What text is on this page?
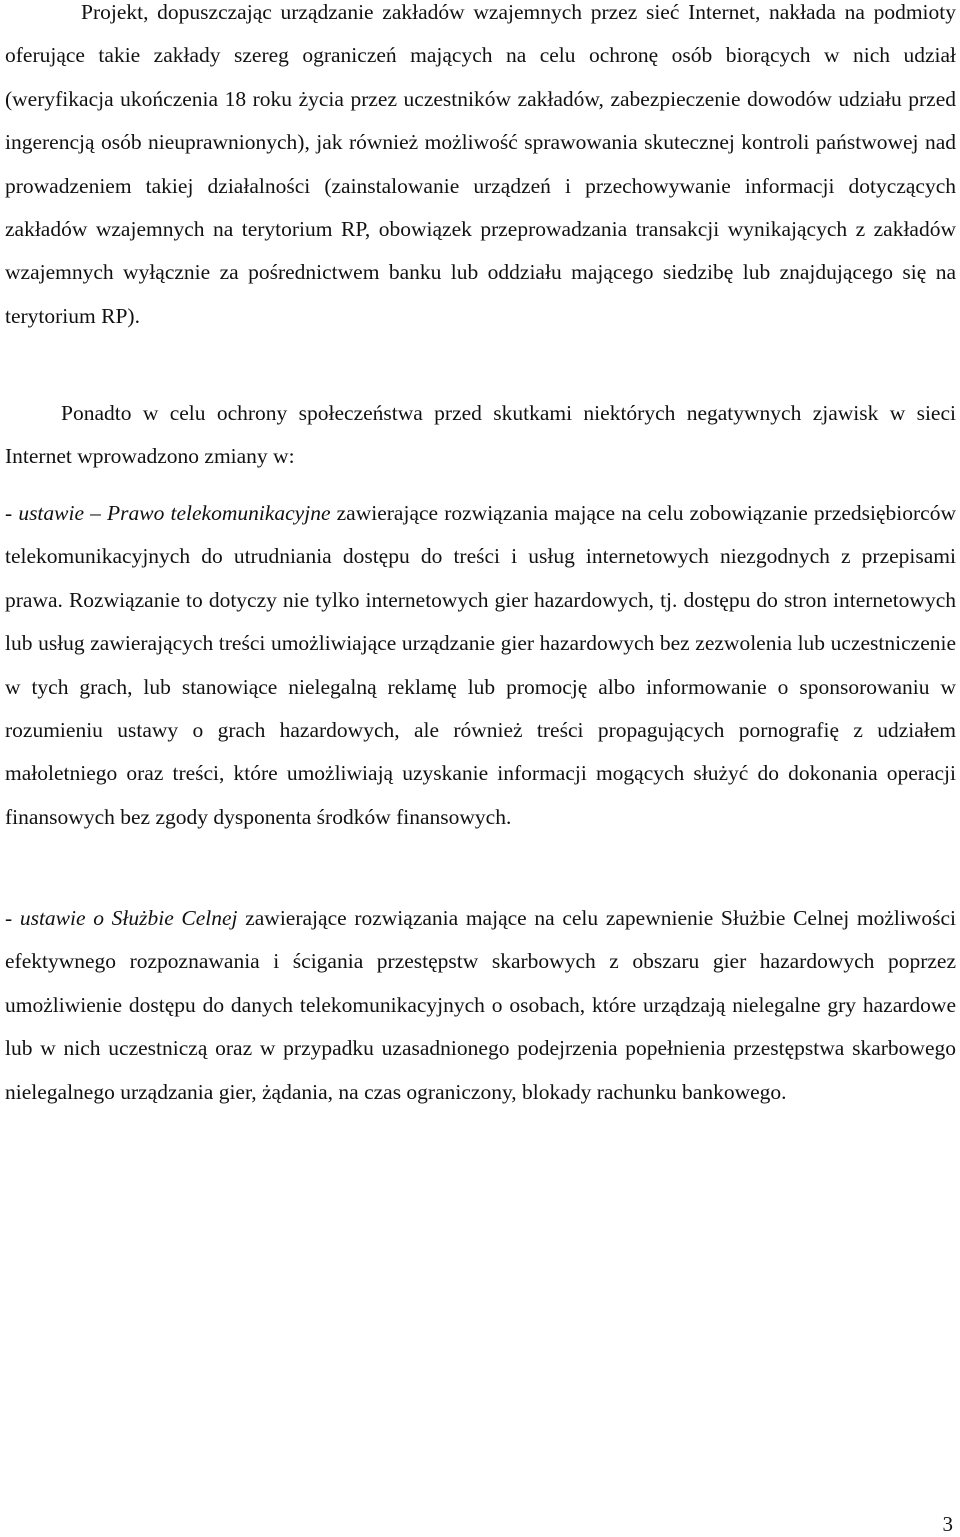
Projekt, dopuszczając urządzanie zakładów wzajemnych przez sieć Internet, nakłada na podmioty oferujące takie zakłady szereg ograniczeń mających na celu ochronę osób biorących w nich udział (weryfikacja ukończenia 18 roku życia przez uczestników zakładów, zabezpieczenie dowodów udziału przed ingerencją osób nieuprawnionych), jak również możliwość sprawowania skutecznej kontroli państwowej nad prowadzeniem takiej działalności (zainstalowanie urządzeń i przechowywanie informacji dotyczących zakładów wzajemnych na terytorium RP, obowiązek przeprowadzania transakcji wynikających z zakładów wzajemnych wyłącznie za pośrednictwem banku lub oddziału mającego siedzibę lub znajdującego się na terytorium RP).

Ponadto w celu ochrony społeczeństwa przed skutkami niektórych negatywnych zjawisk w sieci Internet wprowadzono zmiany w:

- ustawie – Prawo telekomunikacyjne zawierające rozwiązania mające na celu zobowiązanie przedsiębiorców telekomunikacyjnych do utrudniania dostępu do treści i usług internetowych niezgodnych z przepisami prawa. Rozwiązanie to dotyczy nie tylko internetowych gier hazardowych, tj. dostępu do stron internetowych lub usług zawierających treści umożliwiające urządzanie gier hazardowych bez zezwolenia lub uczestniczenie w tych grach, lub stanowiące nielegalną reklamę lub promocję albo informowanie o sponsorowaniu w rozumieniu ustawy o grach hazardowych, ale również treści propagujących pornografię z udziałem małoletniego oraz treści, które umożliwiają uzyskanie informacji mogących służyć do dokonania operacji finansowych bez zgody dysponenta środków finansowych.

- ustawie o Służbie Celnej zawierające rozwiązania mające na celu zapewnienie Służbie Celnej możliwości efektywnego rozpoznawania i ścigania przestępstw skarbowych z obszaru gier hazardowych poprzez umożliwienie dostępu do danych telekomunikacyjnych o osobach, które urządzają nielegalne gry hazardowe lub w nich uczestniczą oraz w przypadku uzasadnionego podejrzenia popełnienia przestępstwa skarbowego nielegalnego urządzania gier, żądania, na czas ograniczony, blokady rachunku bankowego.

3
